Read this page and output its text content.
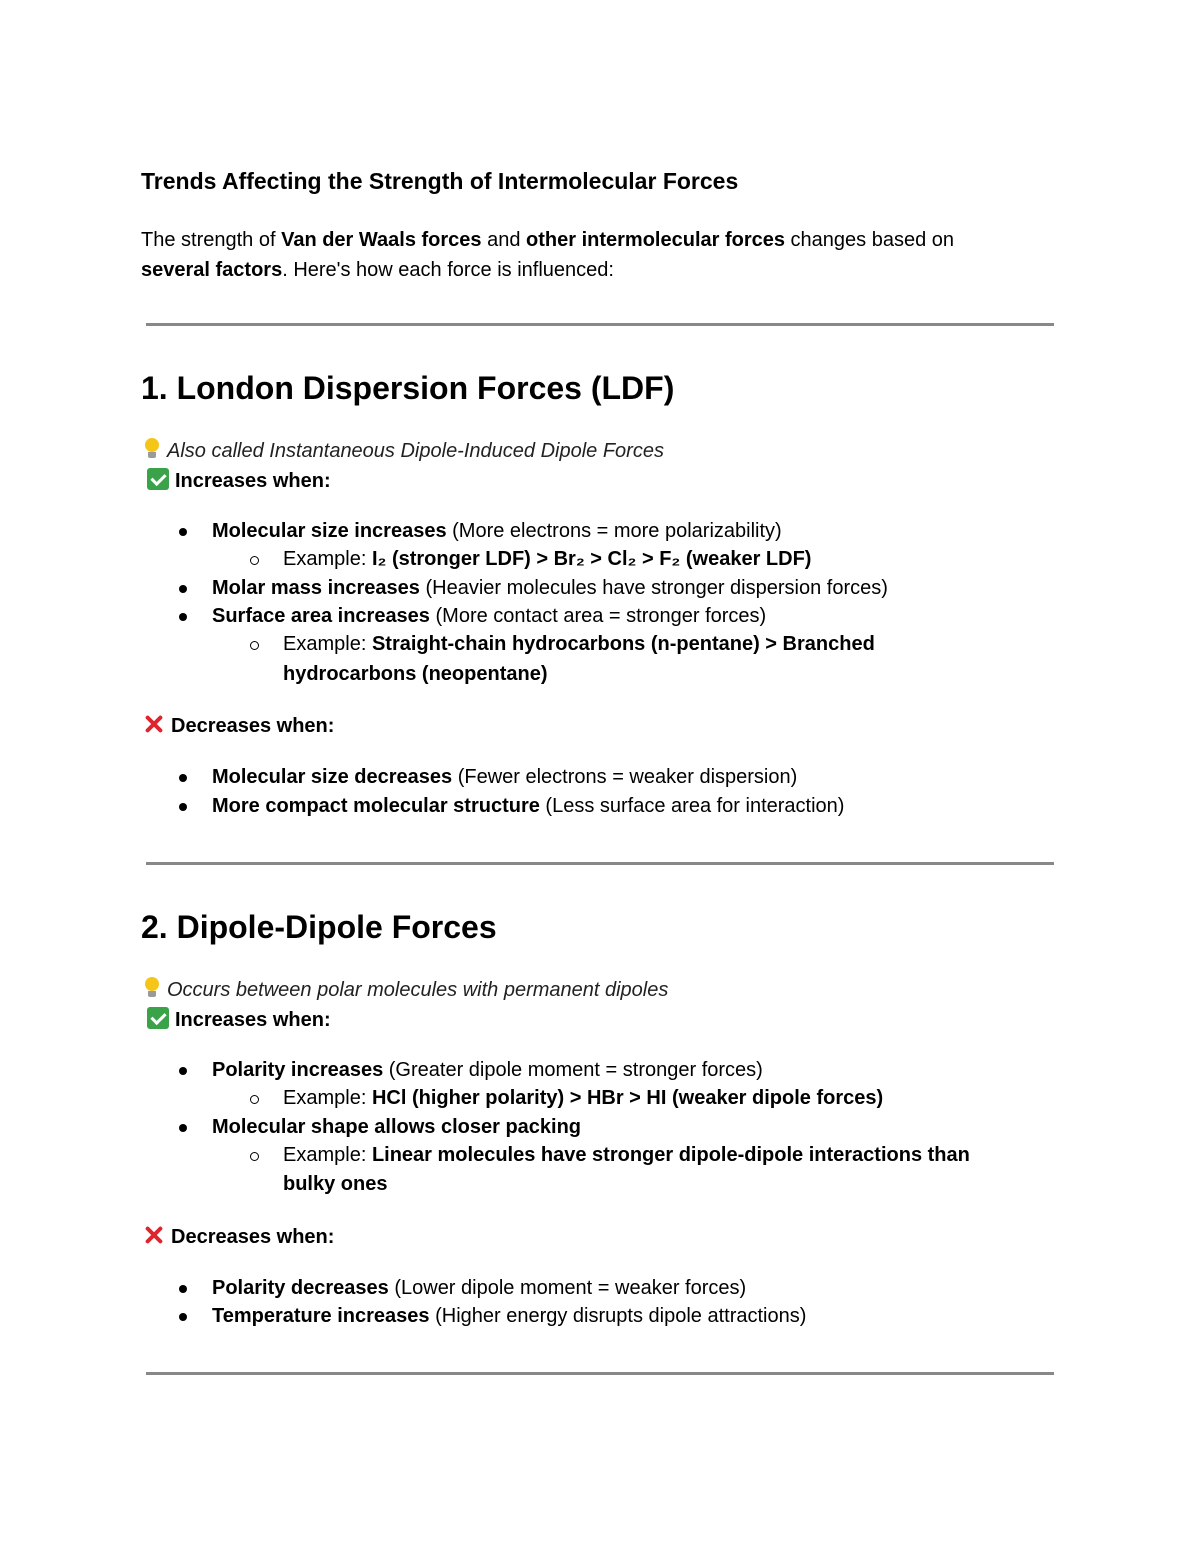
Trends Affecting the Strength of Intermolecular Forces
The strength of Van der Waals forces and other intermolecular forces changes based on
several factors. Here's how each force is influenced:
1. London Dispersion Forces (LDF)
Also called Instantaneous Dipole-Induced Dipole Forces
Increases when:
Molecular size increases (More electrons = more polarizability)
Example: I₂ (stronger LDF) > Br₂ > Cl₂ > F₂ (weaker LDF)
Molar mass increases (Heavier molecules have stronger dispersion forces)
Surface area increases (More contact area = stronger forces)
Example: Straight-chain hydrocarbons (n-pentane) > Branched
hydrocarbons (neopentane)
Decreases when:
Molecular size decreases (Fewer electrons = weaker dispersion)
More compact molecular structure (Less surface area for interaction)
2. Dipole-Dipole Forces
Occurs between polar molecules with permanent dipoles
Increases when:
Polarity increases (Greater dipole moment = stronger forces)
Example: HCl (higher polarity) > HBr > HI (weaker dipole forces)
Molecular shape allows closer packing
Example: Linear molecules have stronger dipole-dipole interactions than
bulky ones
Decreases when:
Polarity decreases (Lower dipole moment = weaker forces)
Temperature increases (Higher energy disrupts dipole attractions)
